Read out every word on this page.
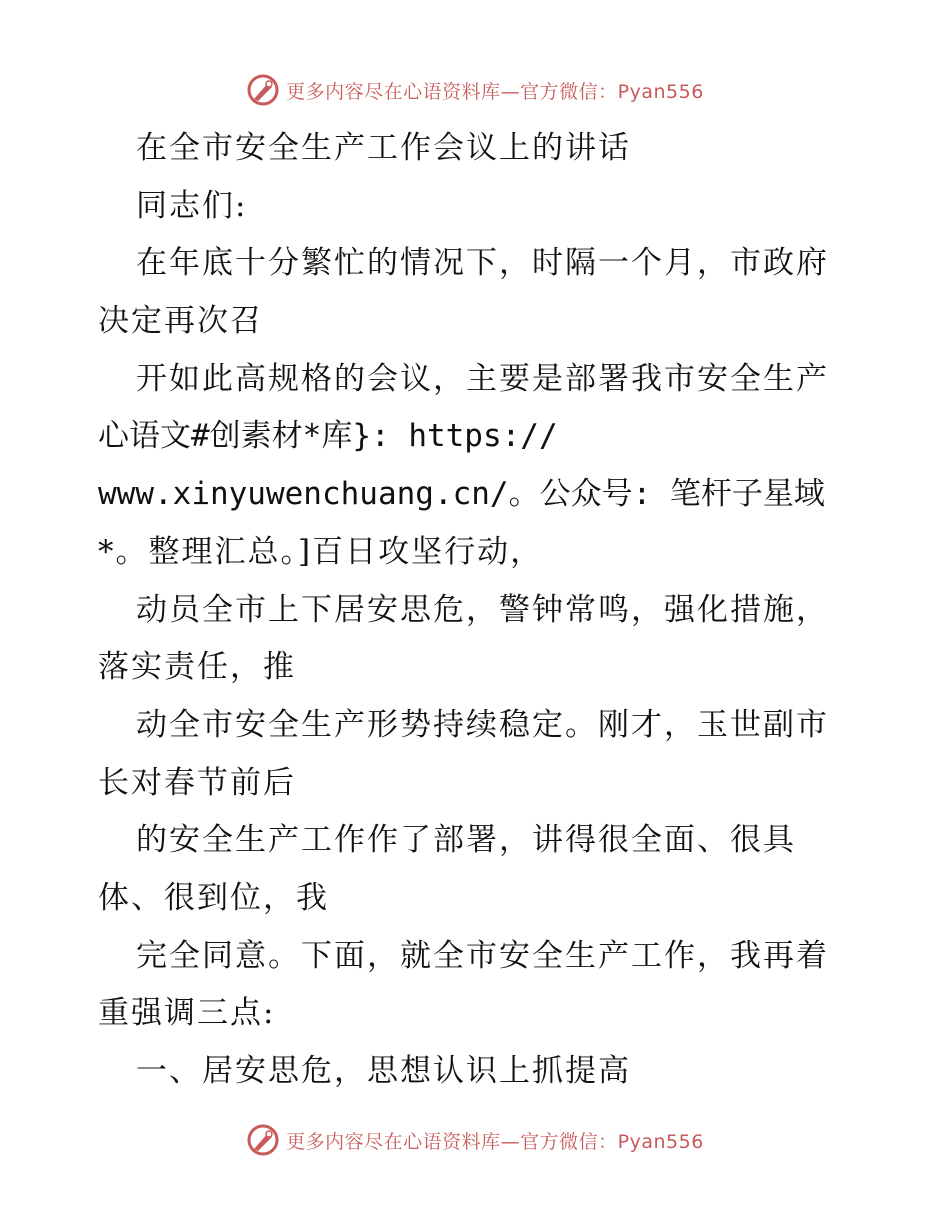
更多内容尽在心语资料库—官方微信：Pyan556
在全市安全生产工作会议上的讲话
同志们:
在年底十分繁忙的情况下，时隔一个月，市政府
决定再次召
开如此高规格的会议，主要是部署我市安全生产
心语文#创素材*库}: https://
www.xinyuwenchuang.cn/。公众号: 笔杆子星域
*。整理汇总。]百日攻坚行动，
动员全市上下居安思危，警钟常鸣，强化措施，
落实责任，推
动全市安全生产形势持续稳定。刚才，玉世副市
长对春节前后
的安全生产工作作了部署，讲得很全面、很具
体、很到位，我
完全同意。下面，就全市安全生产工作，我再着
重强调三点:
一、居安思危，思想认识上抓提高
更多内容尽在心语资料库—官方微信：Pyan556
